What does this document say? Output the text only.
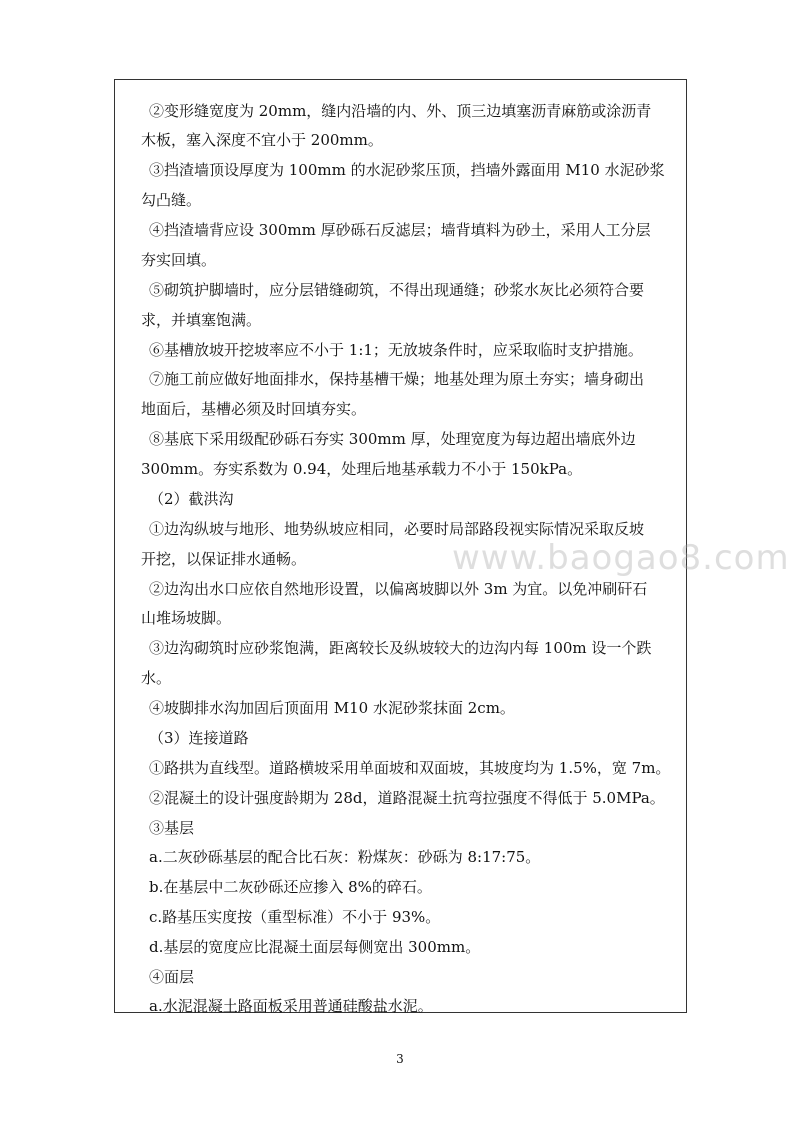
②变形缝宽度为 20mm，缝内沿墙的内、外、顶三边填塞沥青麻筋或涂沥青
木板，塞入深度不宜小于 200mm。
③挡渣墙顶设厚度为 100mm 的水泥砂浆压顶，挡墙外露面用 M10 水泥砂浆
勾凸缝。
④挡渣墙背应设 300mm 厚砂砾石反滤层；墙背填料为砂土，采用人工分层
夯实回填。
⑤砌筑护脚墙时，应分层错缝砌筑，不得出现通缝；砂浆水灰比必须符合要
求，并填塞饱满。
⑥基槽放坡开挖坡率应不小于 1:1；无放坡条件时，应采取临时支护措施。
⑦施工前应做好地面排水，保持基槽干燥；地基处理为原土夯实；墙身砌出
地面后，基槽必须及时回填夯实。
⑧基底下采用级配砂砾石夯实 300mm 厚，处理宽度为每边超出墙底外边
300mm。夯实系数为 0.94，处理后地基承载力不小于 150kPa。
（2）截洪沟
①边沟纵坡与地形、地势纵坡应相同，必要时局部路段视实际情况采取反坡
开挖，以保证排水通畅。
②边沟出水口应依自然地形设置，以偏离坡脚以外 3m 为宜。以免冲刷矸石
山堆场坡脚。
③边沟砌筑时应砂浆饱满，距离较长及纵坡较大的边沟内每 100m 设一个跌
水。
④坡脚排水沟加固后顶面用 M10 水泥砂浆抹面 2cm。
（3）连接道路
①路拱为直线型。道路横坡采用单面坡和双面坡，其坡度均为 1.5%，宽 7m。
②混凝土的设计强度龄期为 28d，道路混凝土抗弯拉强度不得低于 5.0MPa。
③基层
a.二灰砂砾基层的配合比石灰：粉煤灰：砂砾为 8:17:75。
b.在基层中二灰砂砾还应掺入 8%的碎石。
c.路基压实度按（重型标准）不小于 93%。
d.基层的宽度应比混凝土面层每侧宽出 300mm。
④面层
a.水泥混凝土路面板采用普通硅酸盐水泥。
www.baogao8.com
3
